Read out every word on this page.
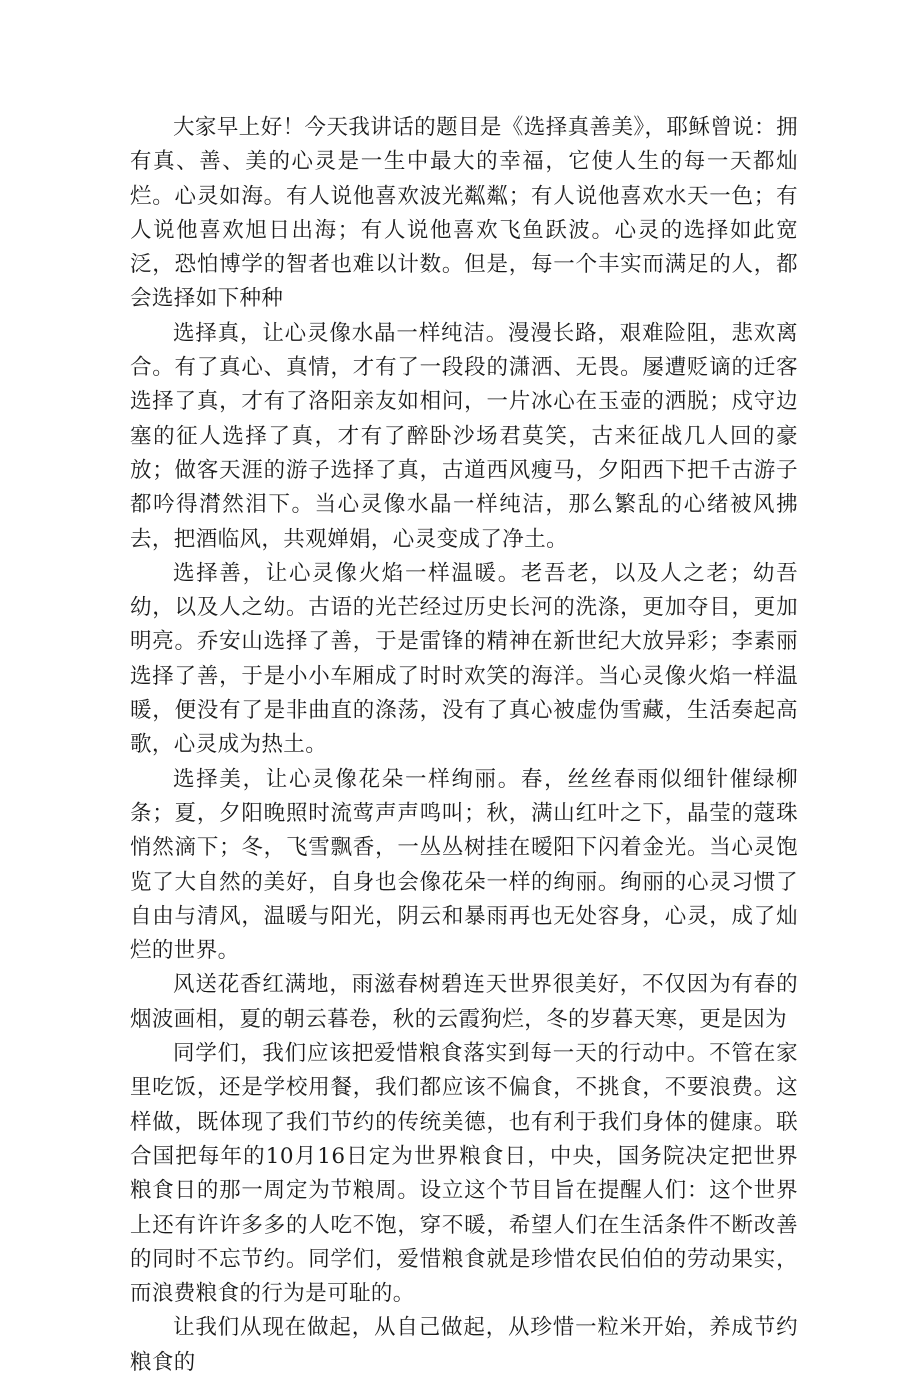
大家早上好！今天我讲话的题目是《选择真善美》，耶稣曾说：拥有真、善、美的心灵是一生中最大的幸福，它使人生的每一天都灿烂。心灵如海。有人说他喜欢波光粼粼；有人说他喜欢水天一色；有人说他喜欢旭日出海；有人说他喜欢飞鱼跃波。心灵的选择如此宽泛，恐怕博学的智者也难以计数。但是，每一个丰实而满足的人，都会选择如下种种

选择真，让心灵像水晶一样纯洁。漫漫长路，艰难险阻，悲欢离合。有了真心、真情，才有了一段段的潇洒、无畏。屡遭贬谪的迁客选择了真，才有了洛阳亲友如相问，一片冰心在玉壶的洒脱；戍守边塞的征人选择了真，才有了醉卧沙场君莫笑，古来征战几人回的豪放；做客天涯的游子选择了真，古道西风瘦马，夕阳西下把千古游子都吟得潸然泪下。当心灵像水晶一样纯洁，那么繁乱的心绪被风拂去，把酒临风，共观婵娟，心灵变成了净土。

选择善，让心灵像火焰一样温暖。老吾老，以及人之老；幼吾幼，以及人之幼。古语的光芒经过历史长河的洗涤，更加夺目，更加明亮。乔安山选择了善，于是雷锋的精神在新世纪大放异彩；李素丽选择了善，于是小小车厢成了时时欢笑的海洋。当心灵像火焰一样温暖，便没有了是非曲直的涤荡，没有了真心被虚伪雪藏，生活奏起高歌，心灵成为热土。

选择美，让心灵像花朵一样绚丽。春，丝丝春雨似细针催绿柳条；夏，夕阳晚照时流莺声声鸣叫；秋，满山红叶之下，晶莹的蔻珠悄然滴下；冬，飞雪飘香，一丛丛树挂在暧阳下闪着金光。当心灵饱览了大自然的美好，自身也会像花朵一样的绚丽。绚丽的心灵习惯了自由与清风，温暖与阳光，阴云和暴雨再也无处容身，心灵，成了灿烂的世界。

风送花香红满地，雨滋春树碧连天世界很美好，不仅因为有春的烟波画相，夏的朝云暮卷，秋的云霞狗烂，冬的岁暮天寒，更是因为

同学们，我们应该把爱惜粮食落实到每一天的行动中。不管在家里吃饭，还是学校用餐，我们都应该不偏食，不挑食，不要浪费。这样做，既体现了我们节约的传统美德，也有利于我们身体的健康。联合国把每年的10月16日定为世界粮食日，中央，国务院决定把世界粮食日的那一周定为节粮周。设立这个节目旨在提醒人们：这个世界上还有许许多多的人吃不饱，穿不暖，希望人们在生活条件不断改善的同时不忘节约。同学们，爱惜粮食就是珍惜农民伯伯的劳动果实，而浪费粮食的行为是可耻的。

让我们从现在做起，从自己做起，从珍惜一粒米开始，养成节约粮食的
